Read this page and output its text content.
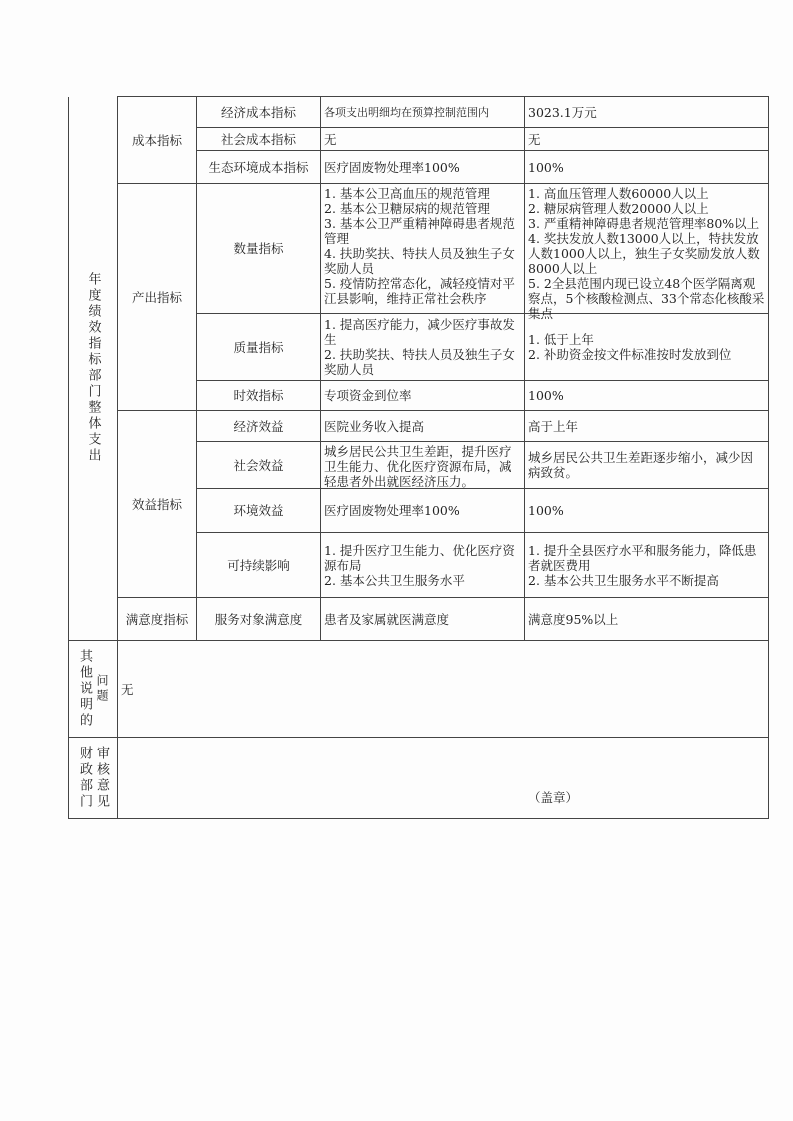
年度绩效指标部门整体支出	成本指标	经济成本指标	各项支出明细均在预算控制范围内	3023.1万元

		社会成本指标	无	无

		生态环境成本指标	医疗固废物处理率100%	100%

	产出指标	数量指标	1. 基本公卫高血压的规范管理
2. 基本公卫糖尿病的规范管理
3. 基本公卫严重精神障碍患者规范管理
4. 扶助奖扶、特扶人员及独生子女奖励人员
5. 疫情防控常态化，减轻疫情对平江县影响，维持正常社会秩序	1. 高血压管理人数60000人以上
2. 糖尿病管理人数20000人以上
3. 严重精神障碍患者规范管理率80%以上
4. 奖扶发放人数13000人以上，特扶发放人数1000人以上，独生子女奖励发放人数8000人以上
5. 2全县范围内现已设立48个医学隔离观察点，5个核酸检测点、33个常态化核酸采集点

		质量指标	1. 提高医疗能力，减少医疗事故发生
2. 扶助奖扶、特扶人员及独生子女奖励人员	1. 低于上年
2. 补助资金按文件标准按时发放到位

		时效指标	专项资金到位率	100%

	效益指标	经济效益	医院业务收入提高	高于上年

		社会效益	城乡居民公共卫生差距，提升医疗卫生能力、优化医疗资源布局，减轻患者外出就医经济压力。	城乡居民公共卫生差距逐步缩小，减少因病致贫。

		环境效益	医疗固废物处理率100%	100%

		可持续影响	1. 提升医疗卫生能力、优化医疗资源布局
2. 基本公共卫生服务水平	1. 提升全县医疗水平和服务能力，降低患者就医费用
2. 基本公共卫生服务水平不断提高

	满意度指标	服务对象满意度	患者及家属就医满意度	满意度95%以上

其他说明的 问题	无			

财政部门 审核意见				
		（盖章）
